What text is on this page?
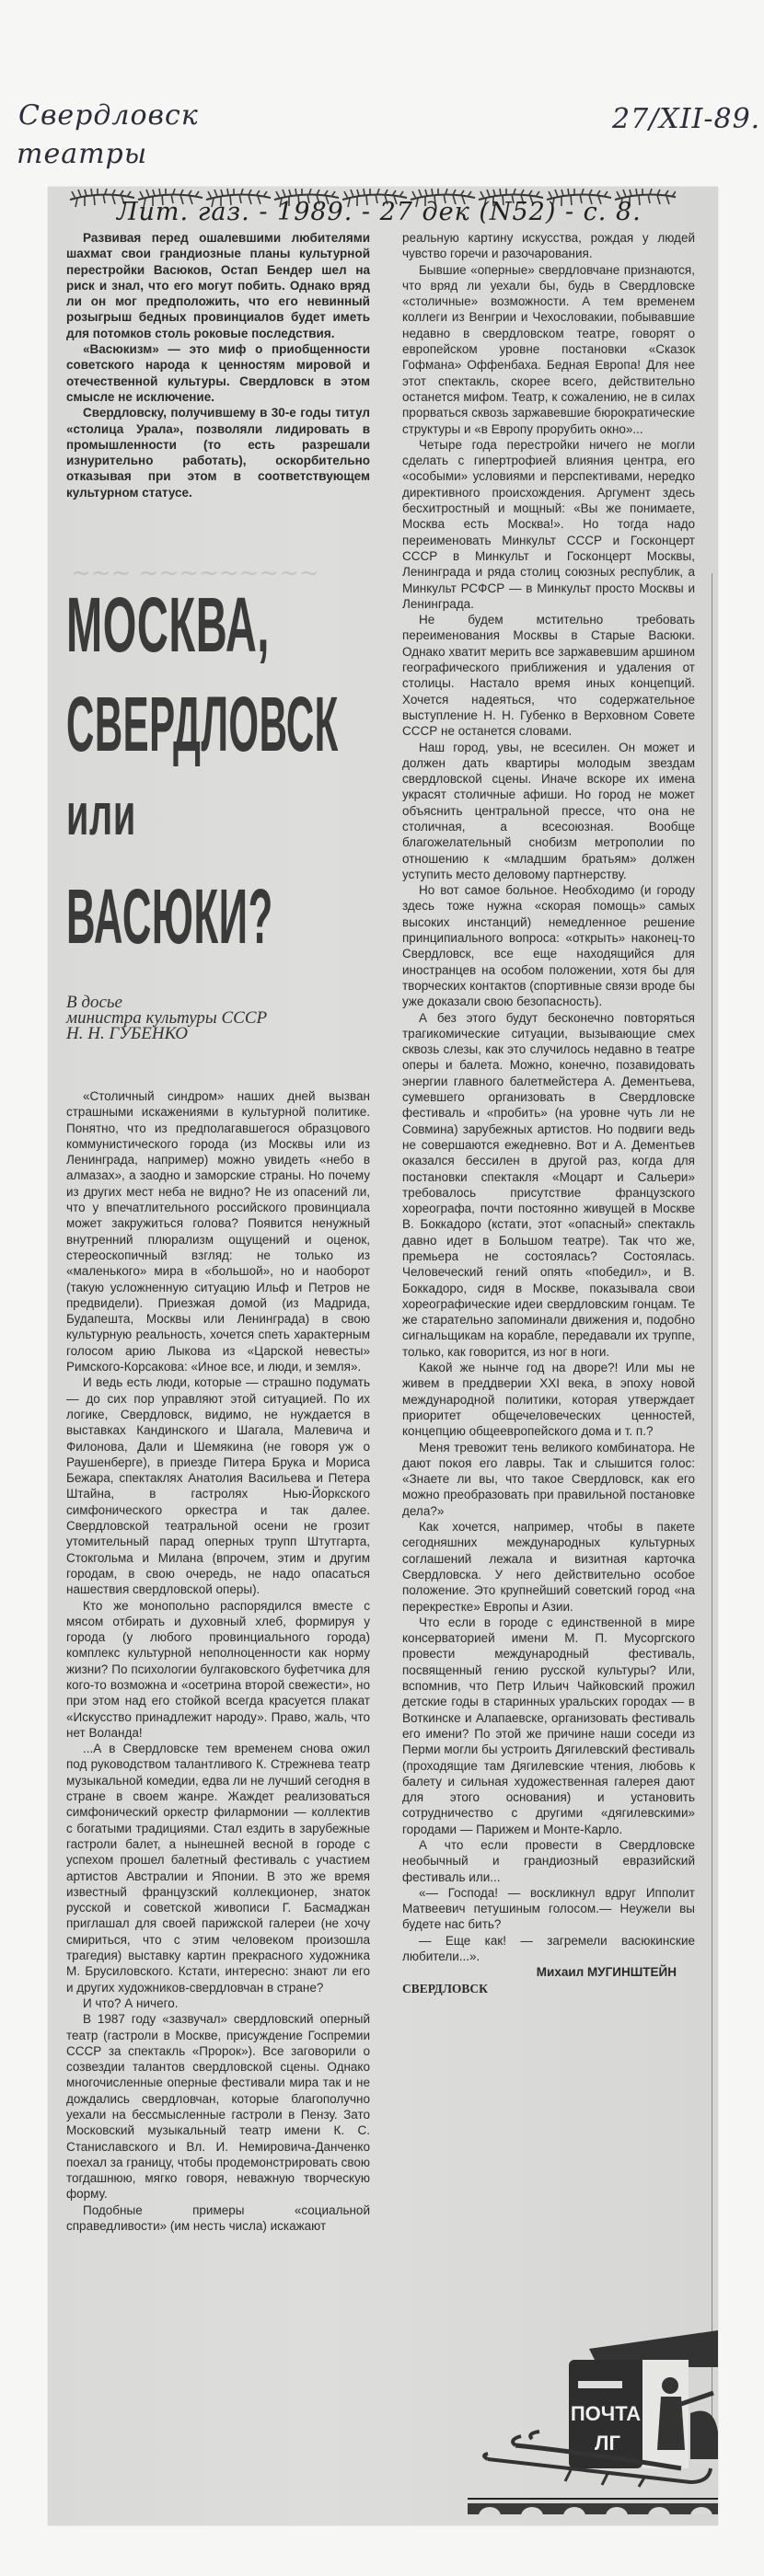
Свердловск
театры
27/XII-89.
Лит. газ. - 1989. - 27 дек (N52) - с. 8.

Развивая перед ошалевшими любителями шахмат свои грандиозные планы культурной перестройки Васюков, Остап Бендер шел на риск и знал, что его могут побить. Однако вряд ли он мог предположить, что его невинный розыгрыш бедных провинциалов будет иметь для потомков столь роковые последствия.

«Васюкизм» — это миф о приобщенности советского народа к ценностям мировой и отечественной культуры. Свердловск в этом смысле не исключение.

Свердловску, получившему в 30-е годы титул «столица Урала», позволяли лидировать в промышленности (то есть разрешали изнурительно работать), оскорбительно отказывая при этом в соответствующем культурном статусе.

~~~ ~~~~~~~~~
МОСКВА,
СВЕРДЛОВСК
или
ВАСЮКИ?
В досье
министра культуры СССР
Н. Н. ГУБЕНКО

«Столичный синдром» наших дней вызван страшными искажениями в культурной политике. Понятно, что из предполагавшегося образцового коммунистического города (из Москвы или из Ленинграда, например) можно увидеть «небо в алмазах», а заодно и заморские страны. Но почему из других мест неба не видно? Не из опасений ли, что у впечатлительного российского провинциала может закружиться голова? Появится ненужный внутренний плюрализм ощущений и оценок, стереоскопичный взгляд: не только из «маленького» мира в «большой», но и наоборот (такую усложненную ситуацию Ильф и Петров не предвидели). Приезжая домой (из Мадрида, Будапешта, Москвы или Ленинграда) в свою культурную реальность, хочется спеть характерным голосом арию Лыкова из «Царской невесты» Римского-Корсакова: «Иное все, и люди, и земля».

И ведь есть люди, которые — страшно подумать — до сих пор управляют этой ситуацией. По их логике, Свердловск, видимо, не нуждается в выставках Кандинского и Шагала, Малевича и Филонова, Дали и Шемякина (не говоря уж о Раушенберге), в приезде Питера Брука и Мориса Бежара, спектаклях Анатолия Васильева и Петера Штайна, в гастролях Нью-Йоркского симфонического оркестра и так далее. Свердловской театральной осени не грозит утомительный парад оперных трупп Штутгарта, Стокгольма и Милана (впрочем, этим и другим городам, в свою очередь, не надо опасаться нашествия свердловской оперы).

Кто же монопольно распорядился вместе с мясом отбирать и духовный хлеб, формируя у города (у любого провинциального города) комплекс культурной неполноценности как норму жизни? По психологии булгаковского буфетчика для кого-то возможна и «осетрина второй свежести», но при этом над его стойкой всегда красуется плакат «Искусство принадлежит народу». Право, жаль, что нет Воланда!

...А в Свердловске тем временем снова ожил под руководством талантливого К. Стрежнева театр музыкальной комедии, едва ли не лучший сегодня в стране в своем жанре. Жаждет реализоваться симфонический оркестр филармонии — коллектив с богатыми традициями. Стал ездить в зарубежные гастроли балет, а нынешней весной в городе с успехом прошел балетный фестиваль с участием артистов Австралии и Японии. В это же время известный французский коллекционер, знаток русской и советской живописи Г. Басмаджан приглашал для своей парижской галереи (не хочу смириться, что с этим человеком произошла трагедия) выставку картин прекрасного художника М. Брусиловского. Кстати, интересно: знают ли его и других художников-свердловчан в стране?

И что? А ничего.

В 1987 году «зазвучал» свердловский оперный театр (гастроли в Москве, присуждение Госпремии СССР за спектакль «Пророк»). Все заговорили о созвездии талантов свердловской сцены. Однако многочисленные оперные фестивали мира так и не дождались свердловчан, которые благополучно уехали на бессмысленные гастроли в Пензу. Зато Московский музыкальный театр имени К. С. Станиславского и Вл. И. Немировича-Данченко поехал за границу, чтобы продемонстрировать свою тогдашнюю, мягко говоря, неважную творческую форму.

Подобные примеры «социальной справедливости» (им несть числа) искажают

реальную картину искусства, рождая у людей чувство горечи и разочарования.

Бывшие «оперные» свердловчане признаются, что вряд ли уехали бы, будь в Свердловске «столичные» возможности. А тем временем коллеги из Венгрии и Чехословакии, побывавшие недавно в свердловском театре, говорят о европейском уровне постановки «Сказок Гофмана» Оффенбаха. Бедная Европа! Для нее этот спектакль, скорее всего, действительно останется мифом. Театр, к сожалению, не в силах прорваться сквозь заржавевшие бюрократические структуры и «в Европу прорубить окно»...

Четыре года перестройки ничего не могли сделать с гипертрофией влияния центра, его «особыми» условиями и перспективами, нередко директивного происхождения. Аргумент здесь бесхитростный и мощный: «Вы же понимаете, Москва есть Москва!». Но тогда надо переименовать Минкульт СССР и Госконцерт СССР в Минкульт и Госконцерт Москвы, Ленинграда и ряда столиц союзных республик, а Минкульт РСФСР — в Минкульт просто Москвы и Ленинграда.

Не будем мстительно требовать переименования Москвы в Старые Васюки. Однако хватит мерить все заржавевшим аршином географического приближения и удаления от столицы. Настало время иных концепций. Хочется надеяться, что содержательное выступление Н. Н. Губенко в Верховном Совете СССР не останется словами.

Наш город, увы, не всесилен. Он может и должен дать квартиры молодым звездам свердловской сцены. Иначе вскоре их имена украсят столичные афиши. Но город не может объяснить центральной прессе, что она не столичная, а всесоюзная. Вообще благожелательный снобизм метрополии по отношению к «младшим братьям» должен уступить место деловому партнерству.

Но вот самое больное. Необходимо (и городу здесь тоже нужна «скорая помощь» самых высоких инстанций) немедленное решение принципиального вопроса: «открыть» наконец-то Свердловск, все еще находящийся для иностранцев на особом положении, хотя бы для творческих контактов (спортивные связи вроде бы уже доказали свою безопасность).

А без этого будут бесконечно повторяться трагикомические ситуации, вызывающие смех сквозь слезы, как это случилось недавно в театре оперы и балета. Можно, конечно, позавидовать энергии главного балетмейстера А. Дементьева, сумевшего организовать в Свердловске фестиваль и «пробить» (на уровне чуть ли не Совмина) зарубежных артистов. Но подвиги ведь не совершаются ежедневно. Вот и А. Дементьев оказался бессилен в другой раз, когда для постановки спектакля «Моцарт и Сальери» требовалось присутствие французского хореографа, почти постоянно живущей в Москве В. Боккадоро (кстати, этот «опасный» спектакль давно идет в Большом театре). Так что же, премьера не состоялась? Состоялась. Человеческий гений опять «победил», и В. Боккадоро, сидя в Москве, показывала свои хореографические идеи свердловским гонцам. Те же старательно запоминали движения и, подобно сигнальщикам на корабле, передавали их труппе, только, как говорится, из ног в ноги.

Какой же нынче год на дворе?! Или мы не живем в преддверии XXI века, в эпоху новой международной политики, которая утверждает приоритет общечеловеческих ценностей, концепцию общеевропейского дома и т. п.?

Меня тревожит тень великого комбинатора. Не дают покоя его лавры. Так и слышится голос: «Знаете ли вы, что такое Свердловск, как его можно преобразовать при правильной постановке дела?»

Как хочется, например, чтобы в пакете сегодняшних международных культурных соглашений лежала и визитная карточка Свердловска. У него действительно особое положение. Это крупнейший советский город «на перекрестке» Европы и Азии.

Что если в городе с единственной в мире консерваторией имени М. П. Мусоргского провести международный фестиваль, посвященный гению русской культуры? Или, вспомнив, что Петр Ильич Чайковский прожил детские годы в старинных уральских городах — в Воткинске и Алапаевске, организовать фестиваль его имени? По этой же причине наши соседи из Перми могли бы устроить Дягилевский фестиваль (проходящие там Дягилевские чтения, любовь к балету и сильная художественная галерея дают для этого основания) и установить сотрудничество с другими «дягилевскими» городами — Парижем и Монте-Карло.

А что если провести в Свердловске необычный и грандиозный евразийский фестиваль или...

«— Господа! — воскликнул вдруг Ипполит Матвеевич петушиным голосом.— Неужели вы будете нас бить?

— Еще как! — загремели васюкинские любители...».

Михаил МУГИНШТЕЙН

СВЕРДЛОВСК

ПОЧТА
ЛГ
